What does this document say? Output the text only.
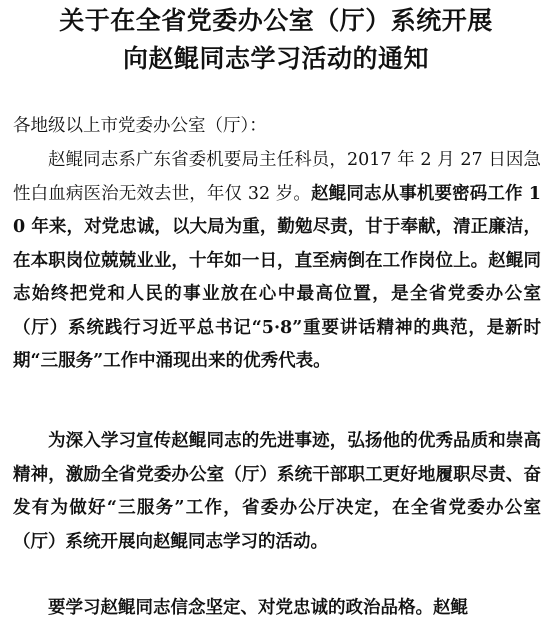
关于在全省党委办公室（厅）系统开展
向赵鲲同志学习活动的通知
各地级以上市党委办公室（厅）：

赵鲲同志系广东省委机要局主任科员，2017 年 2 月 27 日因急性白血病医治无效去世，年仅 32 岁。赵鲲同志从事机要密码工作 10 年来，对党忠诚，以大局为重，勤勉尽责，甘于奉献，清正廉洁，在本职岗位兢兢业业，十年如一日，直至病倒在工作岗位上。赵鲲同志始终把党和人民的事业放在心中最高位置，是全省党委办公室（厅）系统践行习近平总书记“5·8”重要讲话精神的典范，是新时期“三服务”工作中涌现出来的优秀代表。

为深入学习宣传赵鲲同志的先进事迹，弘扬他的优秀品质和崇高精神，激励全省党委办公室（厅）系统干部职工更好地履职尽责、奋发有为做好“三服务”工作，省委办公厅决定，在全省党委办公室（厅）系统开展向赵鲲同志学习的活动。

要学习赵鲲同志信念坚定、对党忠诚的政治品格。赵鲲
